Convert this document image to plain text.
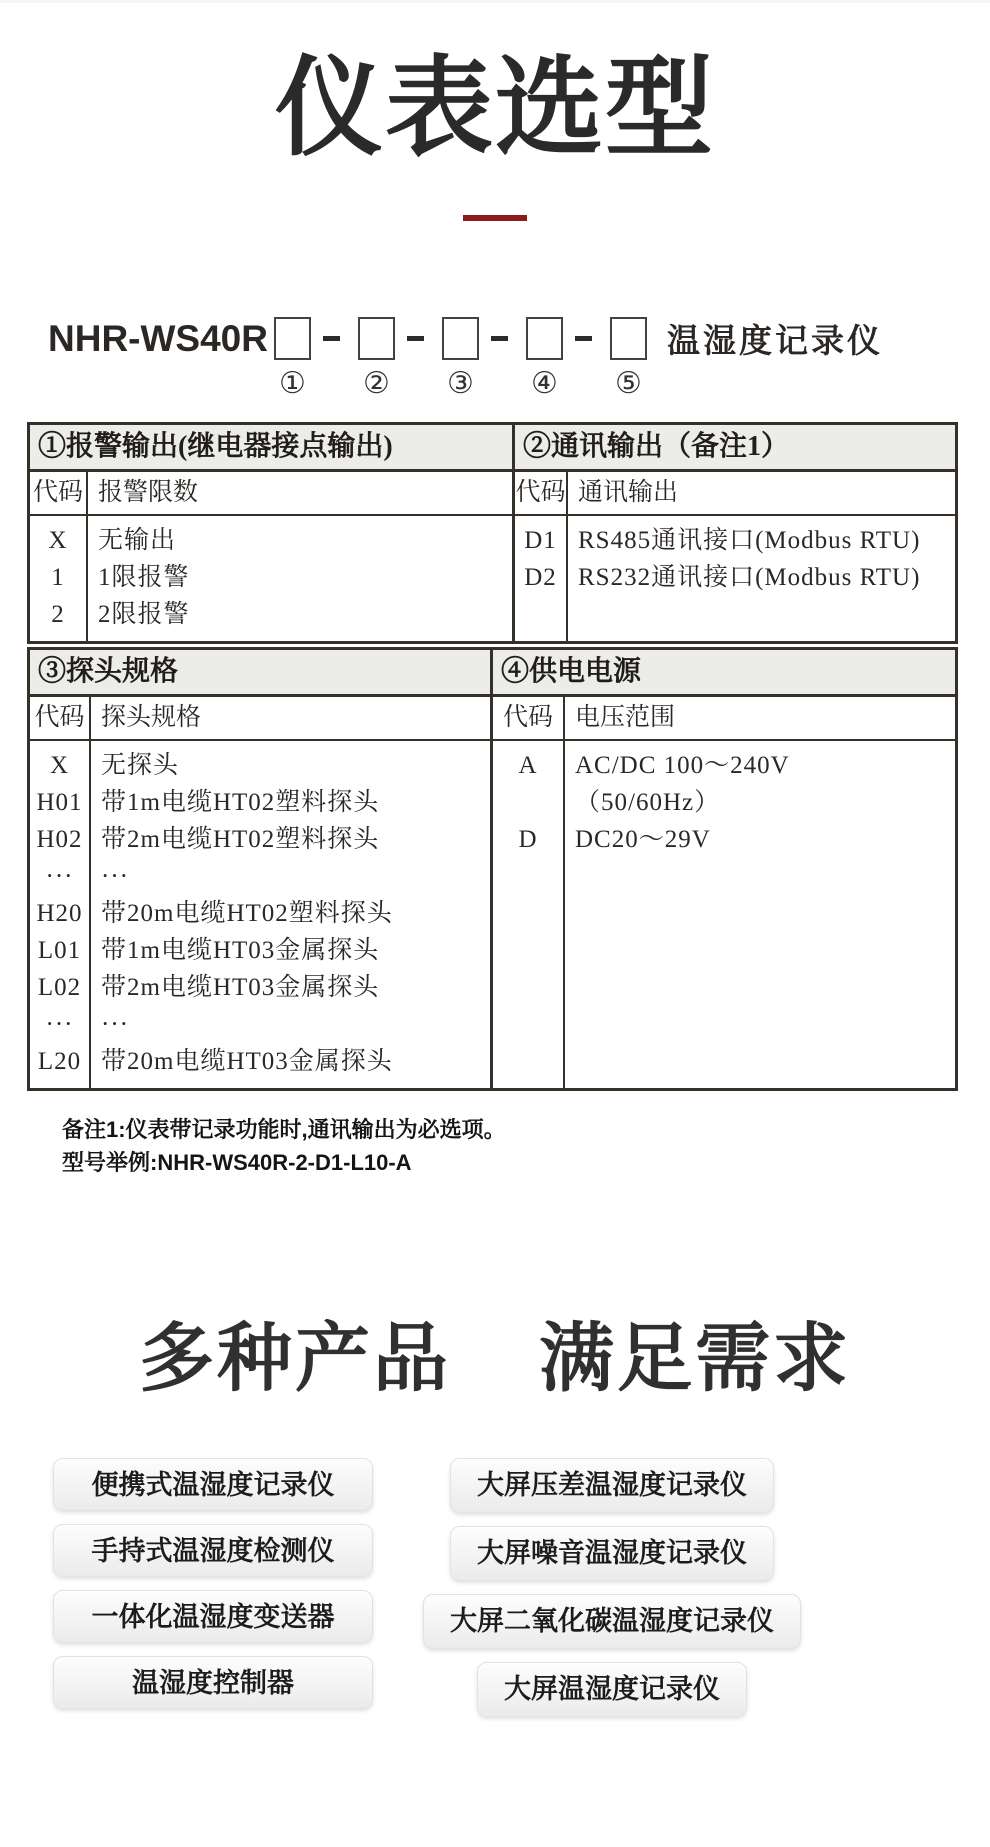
仪表选型
NHR-WS40R
① ② ③ ④ ⑤
温湿度记录仪
①报警输出(继电器接点输出)
代码 报警限数
X
1
2
无输出
1限报警
2限报警
②通讯输出（备注1）
代码 通讯输出
D1
D2
RS485通讯接口(Modbus RTU)
RS232通讯接口(Modbus RTU)
③探头规格
代码 探头规格
X
H01
H02
···
H20
L01
L02
···
L20
无探头
带1m电缆HT02塑料探头
带2m电缆HT02塑料探头
···
带20m电缆HT02塑料探头
带1m电缆HT03金属探头
带2m电缆HT03金属探头
···
带20m电缆HT03金属探头
④供电电源
代码 电压范围
A
D
AC/DC 100～240V
（50/60Hz）
DC20～29V
备注1:仪表带记录功能时,通讯输出为必选项。
型号举例:NHR-WS40R-2-D1-L10-A
多种产品 满足需求
便携式温湿度记录仪
手持式温湿度检测仪
一体化温湿度变送器
温湿度控制器
大屏压差温湿度记录仪
大屏噪音温湿度记录仪
大屏二氧化碳温湿度记录仪
大屏温湿度记录仪
